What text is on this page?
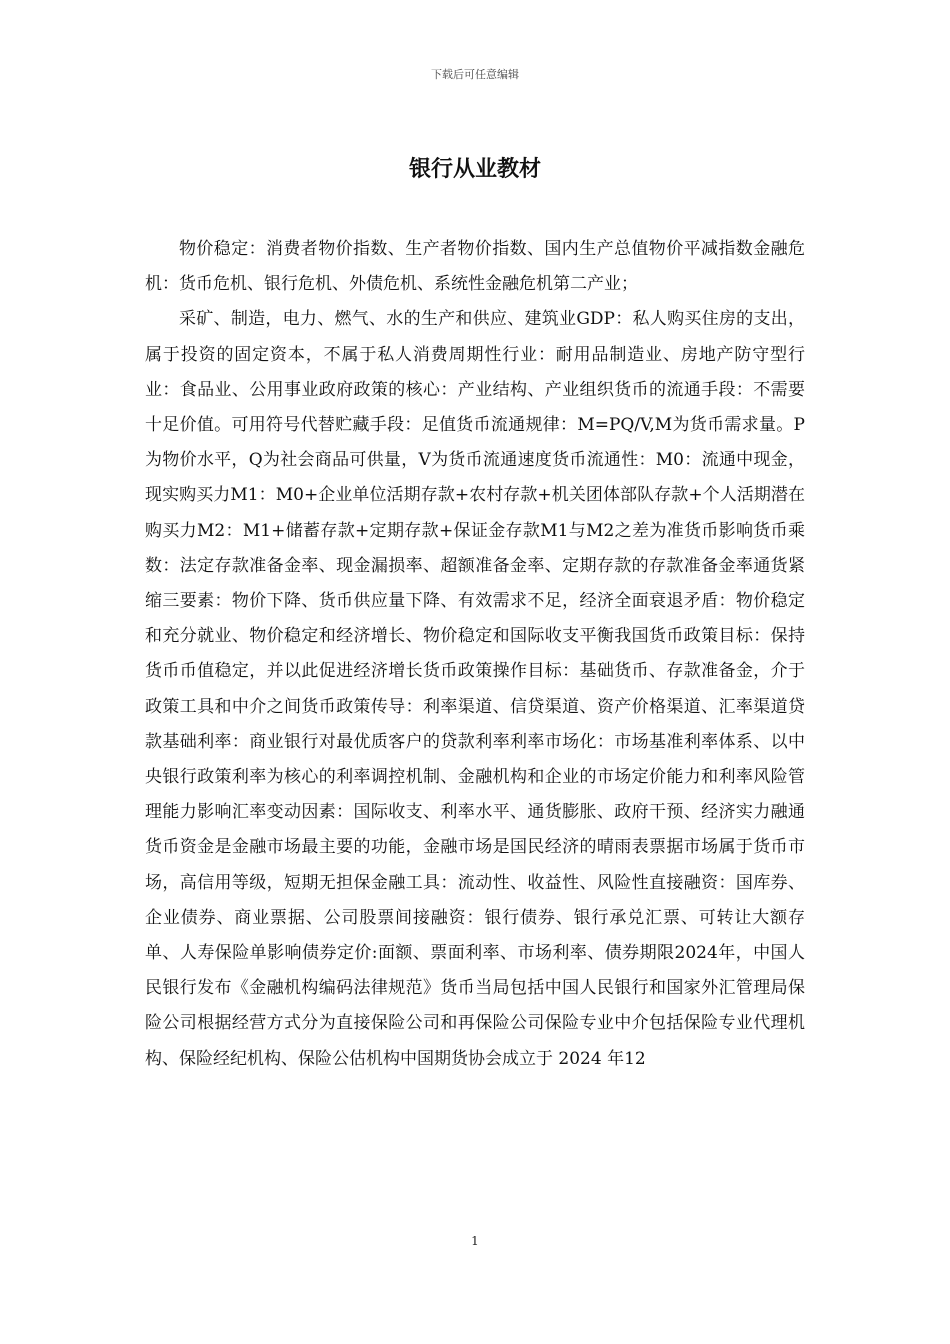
下载后可任意编辑
银行从业教材

物价稳定：消费者物价指数、生产者物价指数、国内生产总值物价平减指数金融危机：货币危机、银行危机、外债危机、系统性金融危机第二产业；

采矿、制造，电力、燃气、水的生产和供应、建筑业GDP：私人购买住房的支出，属于投资的固定资本，不属于私人消费周期性行业：耐用品制造业、房地产防守型行业：食品业、公用事业政府政策的核心：产业结构、产业组织货币的流通手段：不需要十足价值。可用符号代替贮藏手段：足值货币流通规律：M=PQ/V,M为货币需求量。P为物价水平，Q为社会商品可供量，V为货币流通速度货币流通性：M0：流通中现金，现实购买力M1：M0+企业单位活期存款+农村存款+机关团体部队存款+个人活期潜在购买力M2：M1+储蓄存款+定期存款+保证金存款M1与M2之差为准货币影响货币乘数：法定存款准备金率、现金漏损率、超额准备金率、定期存款的存款准备金率通货紧缩三要素：物价下降、货币供应量下降、有效需求不足，经济全面衰退矛盾：物价稳定和充分就业、物价稳定和经济增长、物价稳定和国际收支平衡我国货币政策目标：保持货币币值稳定，并以此促进经济增长货币政策操作目标：基础货币、存款准备金，介于政策工具和中介之间货币政策传导：利率渠道、信贷渠道、资产价格渠道、汇率渠道贷款基础利率：商业银行对最优质客户的贷款利率利率市场化：市场基准利率体系、以中央银行政策利率为核心的利率调控机制、金融机构和企业的市场定价能力和利率风险管理能力影响汇率变动因素：国际收支、利率水平、通货膨胀、政府干预、经济实力融通货币资金是金融市场最主要的功能，金融市场是国民经济的晴雨表票据市场属于货币市场，高信用等级，短期无担保金融工具：流动性、收益性、风险性直接融资：国库券、企业债券、商业票据、公司股票间接融资：银行债券、银行承兑汇票、可转让大额存单、人寿保险单影响债券定价:面额、票面利率、市场利率、债券期限2024年，中国人民银行发布《金融机构编码法律规范》货币当局包括中国人民银行和国家外汇管理局保险公司根据经营方式分为直接保险公司和再保险公司保险专业中介包括保险专业代理机构、保险经纪机构、保险公估机构中国期货协会成立于 2024 年12

1
